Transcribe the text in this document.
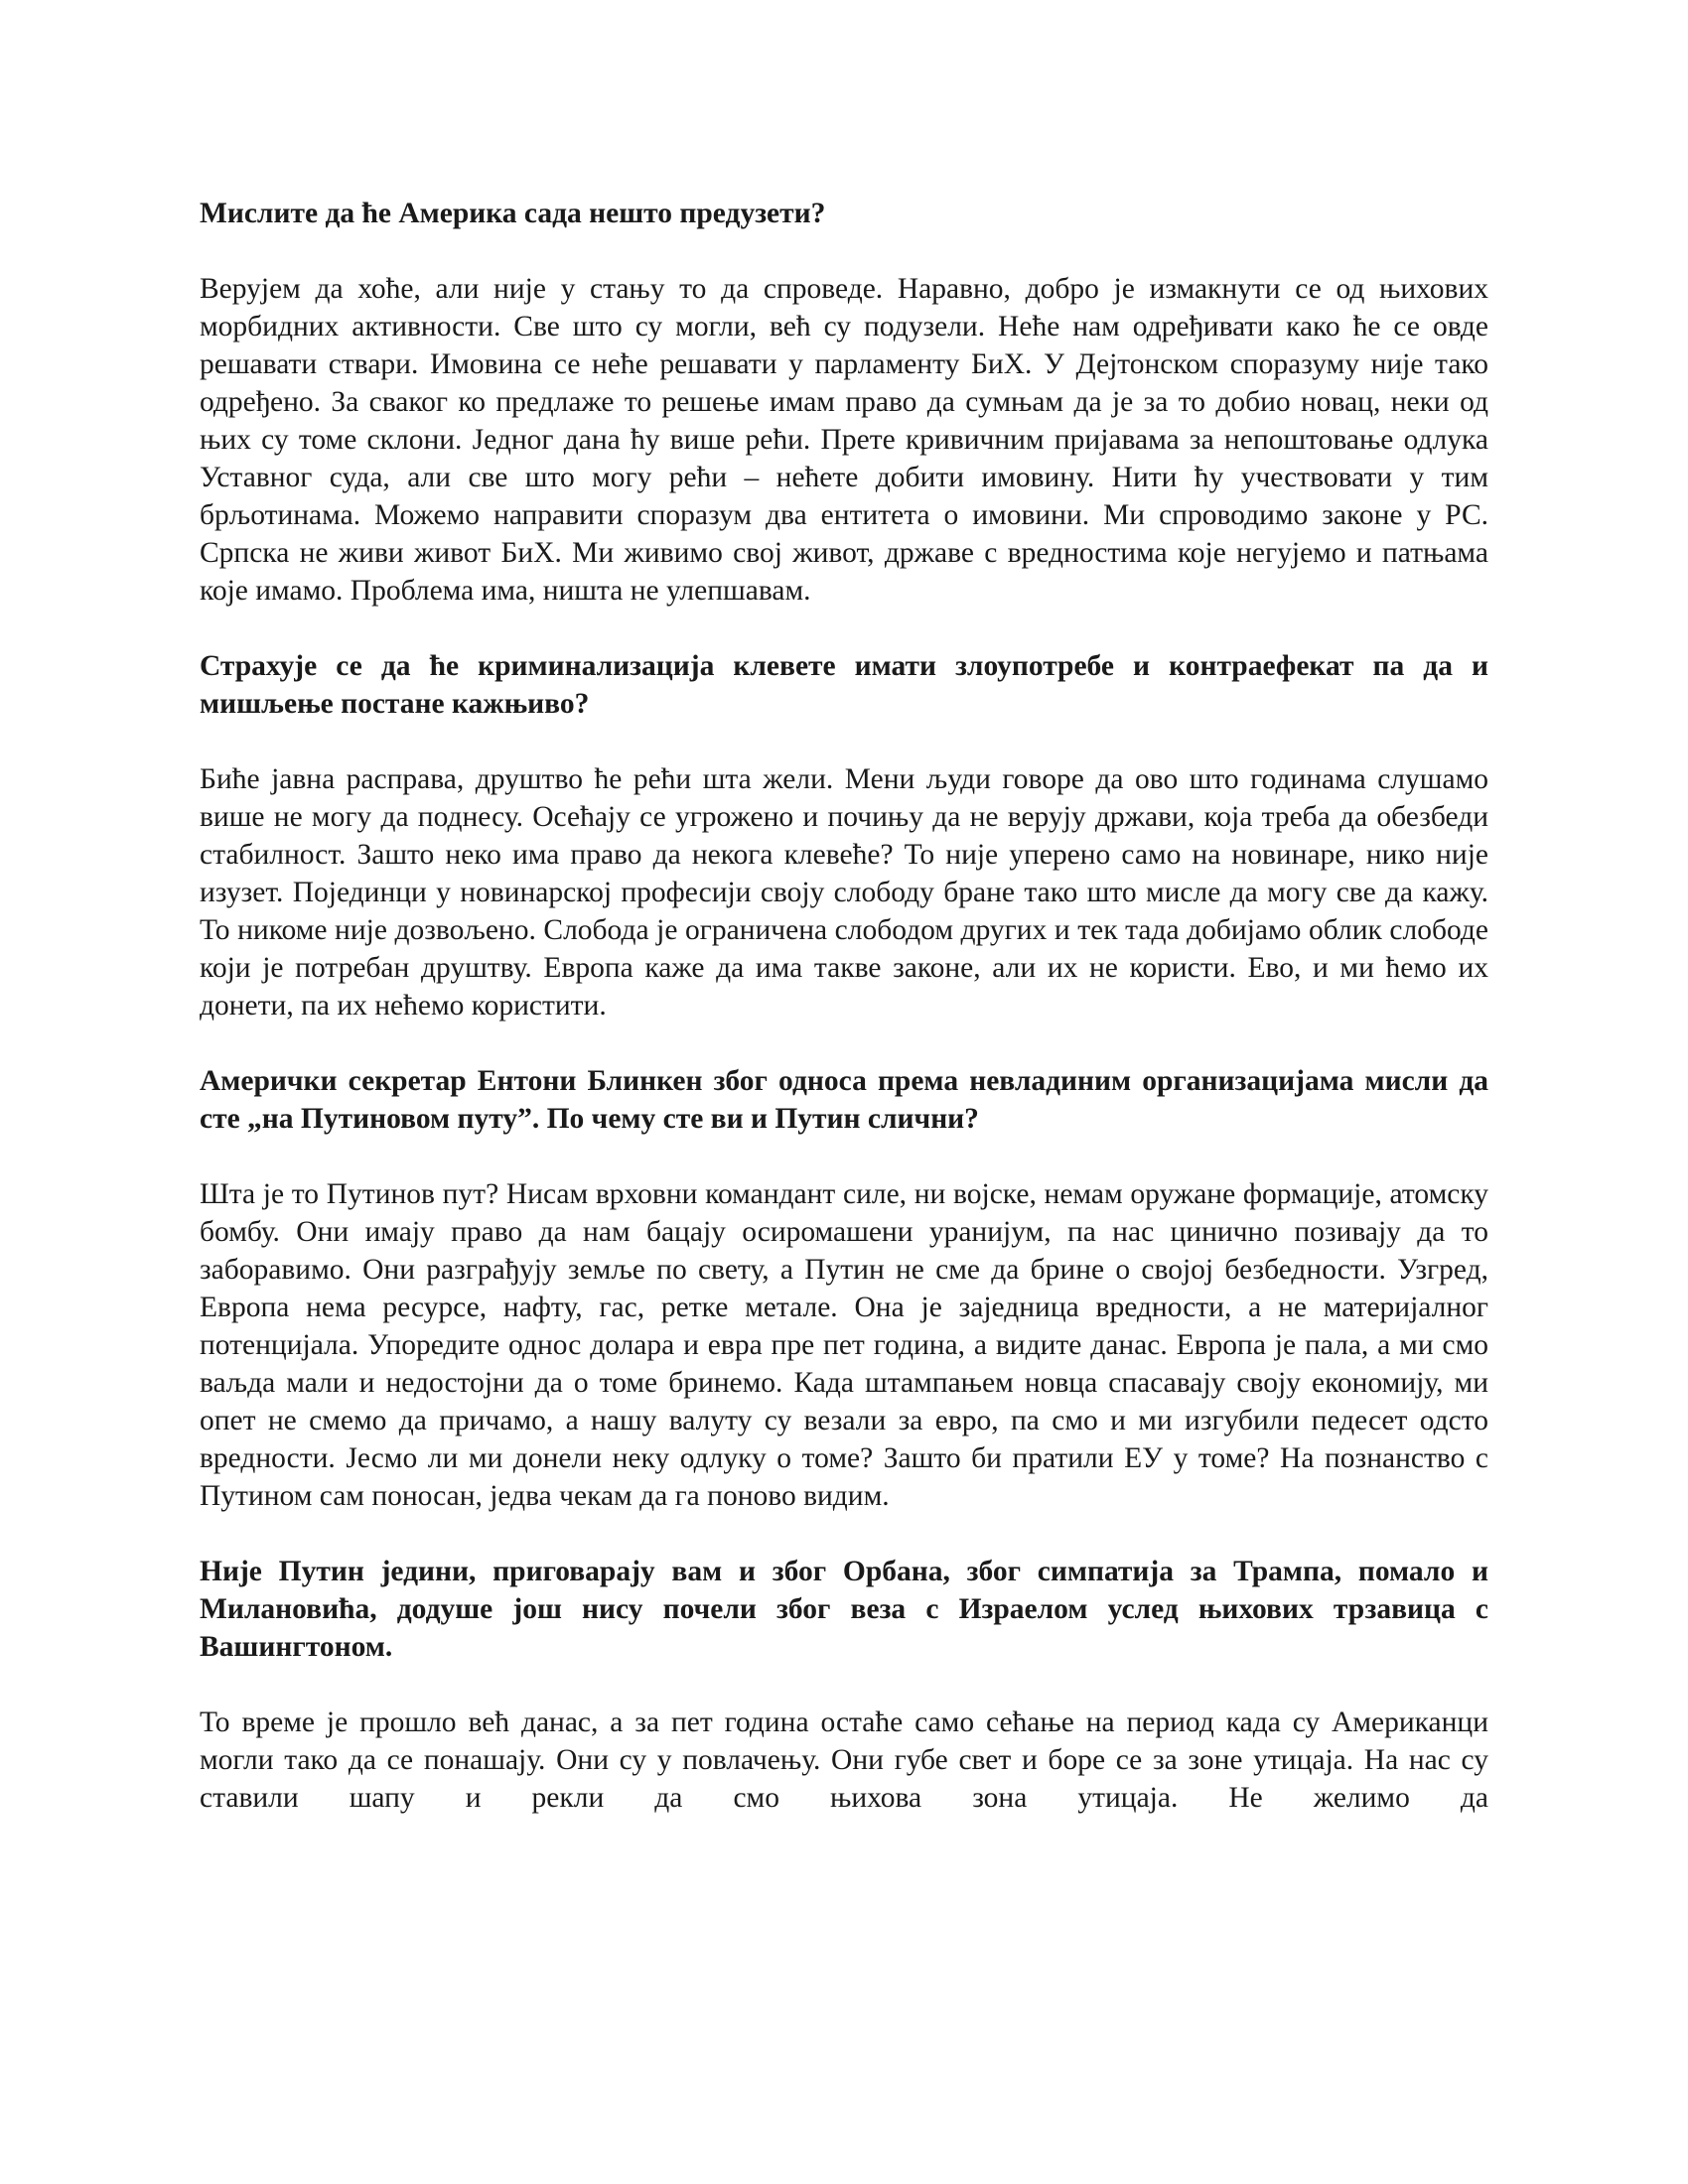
Мислите да ће Америка сада нешто предузети?

Верујем да хоће, али није у стању то да спроведе. Наравно, добро је измакнути се од њихових морбидних активности. Све што су могли, већ су подузели. Неће нам одређивати како ће се овде решавати ствари. Имовина се неће решавати у парламенту БиХ. У Дејтонском споразуму није тако одређено. За сваког ко предлаже то решење имам право да сумњам да је за то добио новац, неки од њих су томе склони. Једног дана ћу више рећи. Прете кривичним пријавама за непоштовање одлука Уставног суда, али све што могу рећи – нећете добити имовину. Нити ћу учествовати у тим брљотинама. Можемо направити споразум два ентитета о имовини. Ми спроводимо законе у РС. Српска не живи живот БиХ. Ми живимо свој живот, државе с вредностима које негујемо и патњама које имамо. Проблема има, ништа не улепшавам.

Страхује се да ће криминализација клевете имати злоупотребе и контраефекат па да и мишљење постане кажњиво?

Биће јавна расправа, друштво ће рећи шта жели. Мени људи говоре да ово што годинама слушамо више не могу да поднесу. Осећају се угрожено и почињу да не верују држави, која треба да обезбеди стабилност. Зашто неко има право да некога клевеће? То није уперено само на новинаре, нико није изузет. Појединци у новинарској професији своју слободу бране тако што мисле да могу све да кажу. То никоме није дозвољено. Слобода је ограничена слободом других и тек тада добијамо облик слободе који је потребан друштву. Европа каже да има такве законе, али их не користи. Ево, и ми ћемо их донети, па их нећемо користити.

Амерички секретар Ентони Блинкен због односа према невладиним организацијама мисли да сте „на Путиновом путу”. По чему сте ви и Путин слични?

Шта је то Путинов пут? Нисам врховни командант силе, ни војске, немам оружане формације, атомску бомбу. Они имају право да нам бацају осиромашени уранијум, па нас цинично позивају да то заборавимо. Они разграђују земље по свету, а Путин не сме да брине о својој безбедности. Узгред, Европа нема ресурсе, нафту, гас, ретке метале. Она је заједница вредности, а не материјалног потенцијала. Упоредите однос долара и евра пре пет година, а видите данас. Европа је пала, а ми смо ваљда мали и недостојни да о томе бринемо. Када штампањем новца спасавају своју економију, ми опет не смемо да причамо, а нашу валуту су везали за евро, па смо и ми изгубили педесет одсто вредности. Јесмо ли ми донели неку одлуку о томе? Зашто би пратили ЕУ у томе? На познанство с Путином сам поносан, једва чекам да га поново видим.

Није Путин једини, приговарају вам и због Орбана, због симпатија за Трампа, помало и Милановића, додуше још нису почели због веза с Израелом услед њихових трзавица с Вашингтоном.

То време је прошло већ данас, а за пет година остаће само сећање на период када су Американци могли тако да се понашају. Они су у повлачењу. Они губе свет и боре се за зоне утицаја. На нас су ставили шапу и рекли да смо њихова зона утицаја. Не желимо да
